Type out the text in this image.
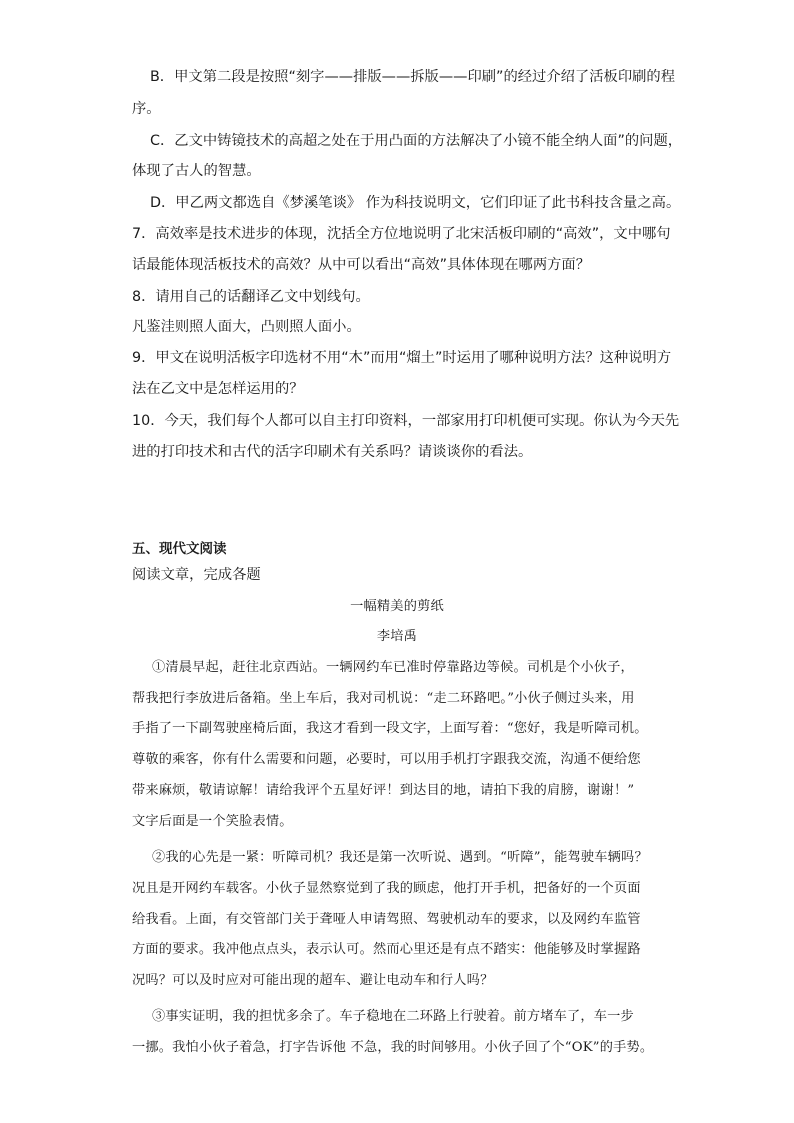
B．甲文第二段是按照“刻字——排版——拆版——印刷”的经过介绍了活板印刷的程
序。
C．乙文中铸镜技术的高超之处在于用凸面的方法解决了小镜不能全纳人面”的问题，
体现了古人的智慧。
D．甲乙两文都选自《梦溪笔谈》 作为科技说明文，它们印证了此书科技含量之高。
7．高效率是技术进步的体现，沈括全方位地说明了北宋活板印刷的“高效”，文中哪句
话最能体现活板技术的高效？从中可以看出“高效”具体体现在哪两方面？
8．请用自己的话翻译乙文中划线句。
凡鉴洼则照人面大，凸则照人面小。
9．甲文在说明活板字印选材不用“木”而用“熘土”时运用了哪种说明方法？这种说明方
法在乙文中是怎样运用的？
10．今天，我们每个人都可以自主打印资料，一部家用打印机便可实现。你认为今天先
进的打印技术和古代的活字印刷术有关系吗？请谈谈你的看法。
五、现代文阅读
阅读文章，完成各题
一幅精美的剪纸
李培禹
①清晨早起，赶往北京西站。一辆网约车已准时停靠路边等候。司机是个小伙子，
帮我把行李放进后备箱。坐上车后，我对司机说：“走二环路吧。”小伙子侧过头来，用
手指了一下副驾驶座椅后面，我这才看到一段文字，上面写着：“您好，我是听障司机。
尊敬的乘客，你有什么需要和问题，必要时，可以用手机打字跟我交流，沟通不便给您
带来麻烦，敬请谅解！请给我评个五星好评！到达目的地，请拍下我的肩膀，谢谢！”
文字后面是一个笑脸表情。
②我的心先是一紧：听障司机？我还是第一次听说、遇到。“听障”，能驾驶车辆吗？
况且是开网约车载客。小伙子显然察觉到了我的顾虑，他打开手机，把备好的一个页面
给我看。上面，有交管部门关于聋哑人申请驾照、驾驶机动车的要求，以及网约车监管
方面的要求。我冲他点点头，表示认可。然而心里还是有点不踏实：他能够及时掌握路
况吗？可以及时应对可能出现的超车、避让电动车和行人吗？
③事实证明，我的担忧多余了。车子稳地在二环路上行驶着。前方堵车了，车一步
一挪。我怕小伙子着急，打字告诉他 不急，我的时间够用。小伙子回了个“OK”的手势。
